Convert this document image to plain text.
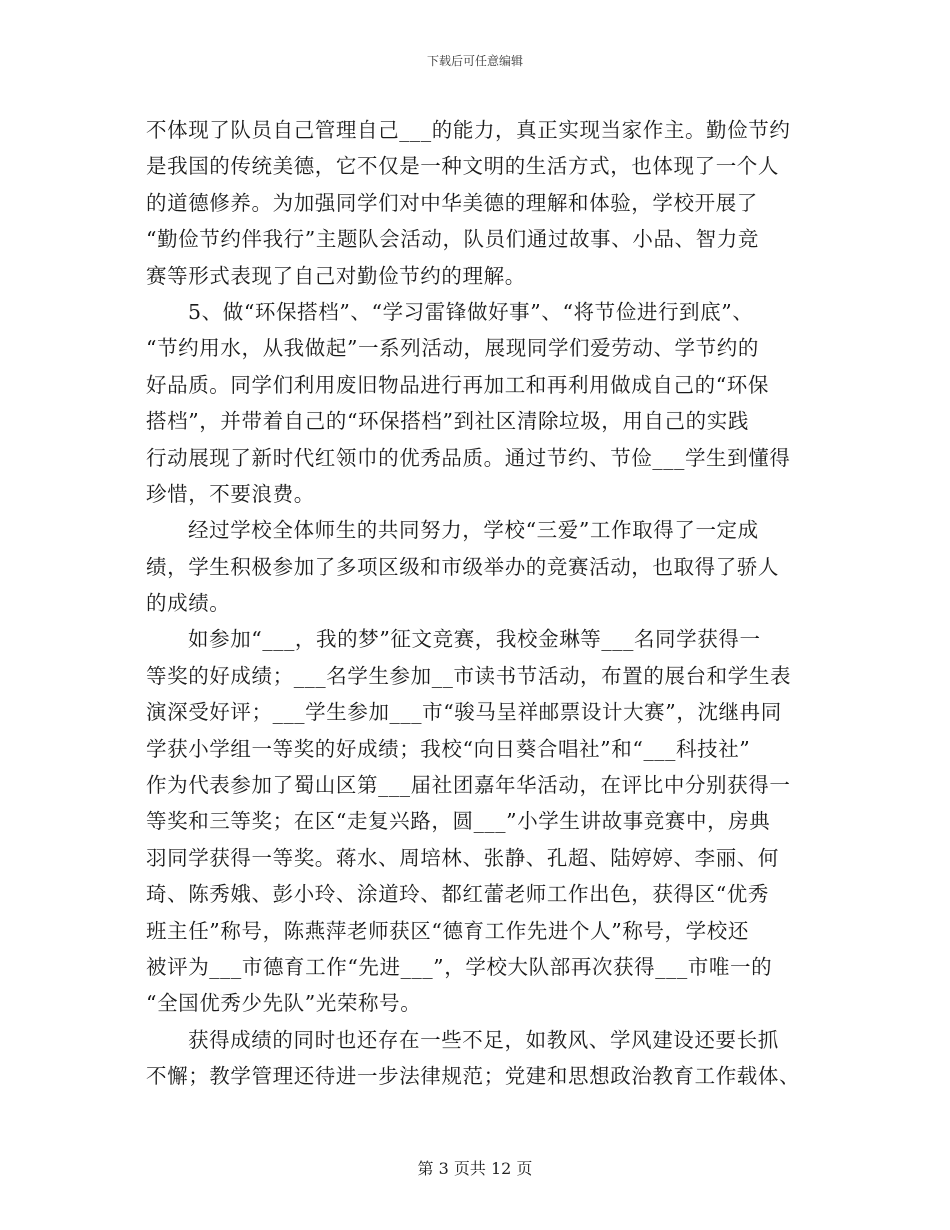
下载后可任意编辑
不体现了队员自己管理自己___的能力，真正实现当家作主。勤俭节约
是我国的传统美德，它不仅是一种文明的生活方式，也体现了一个人
的道德修养。为加强同学们对中华美德的理解和体验，学校开展了
“勤俭节约伴我行”主题队会活动，队员们通过故事、小品、智力竞
赛等形式表现了自己对勤俭节约的理解。
5、做“环保搭档”、“学习雷锋做好事”、“将节俭进行到底”、
“节约用水，从我做起”一系列活动，展现同学们爱劳动、学节约的
好品质。同学们利用废旧物品进行再加工和再利用做成自己的“环保
搭档”，并带着自己的“环保搭档”到社区清除垃圾，用自己的实践
行动展现了新时代红领巾的优秀品质。通过节约、节俭___学生到懂得
珍惜，不要浪费。
经过学校全体师生的共同努力，学校“三爱”工作取得了一定成
绩，学生积极参加了多项区级和市级举办的竞赛活动，也取得了骄人
的成绩。
如参加“___，我的梦”征文竞赛，我校金琳等___名同学获得一
等奖的好成绩；___名学生参加__市读书节活动，布置的展台和学生表
演深受好评；___学生参加___市“骏马呈祥邮票设计大赛”，沈继冉同
学获小学组一等奖的好成绩；我校“向日葵合唱社”和“___科技社”
作为代表参加了蜀山区第___届社团嘉年华活动，在评比中分别获得一
等奖和三等奖；在区“走复兴路，圆___”小学生讲故事竞赛中，房典
羽同学获得一等奖。蒋水、周培林、张静、孔超、陆婷婷、李丽、何
琦、陈秀娥、彭小玲、涂道玲、都红蕾老师工作出色，获得区“优秀
班主任”称号，陈燕萍老师获区“德育工作先进个人”称号，学校还
被评为___市德育工作“先进___”，学校大队部再次获得___市唯一的
“全国优秀少先队”光荣称号。
获得成绩的同时也还存在一些不足，如教风、学风建设还要长抓
不懈；教学管理还待进一步法律规范；党建和思想政治教育工作载体、
第 3 页共 12 页
